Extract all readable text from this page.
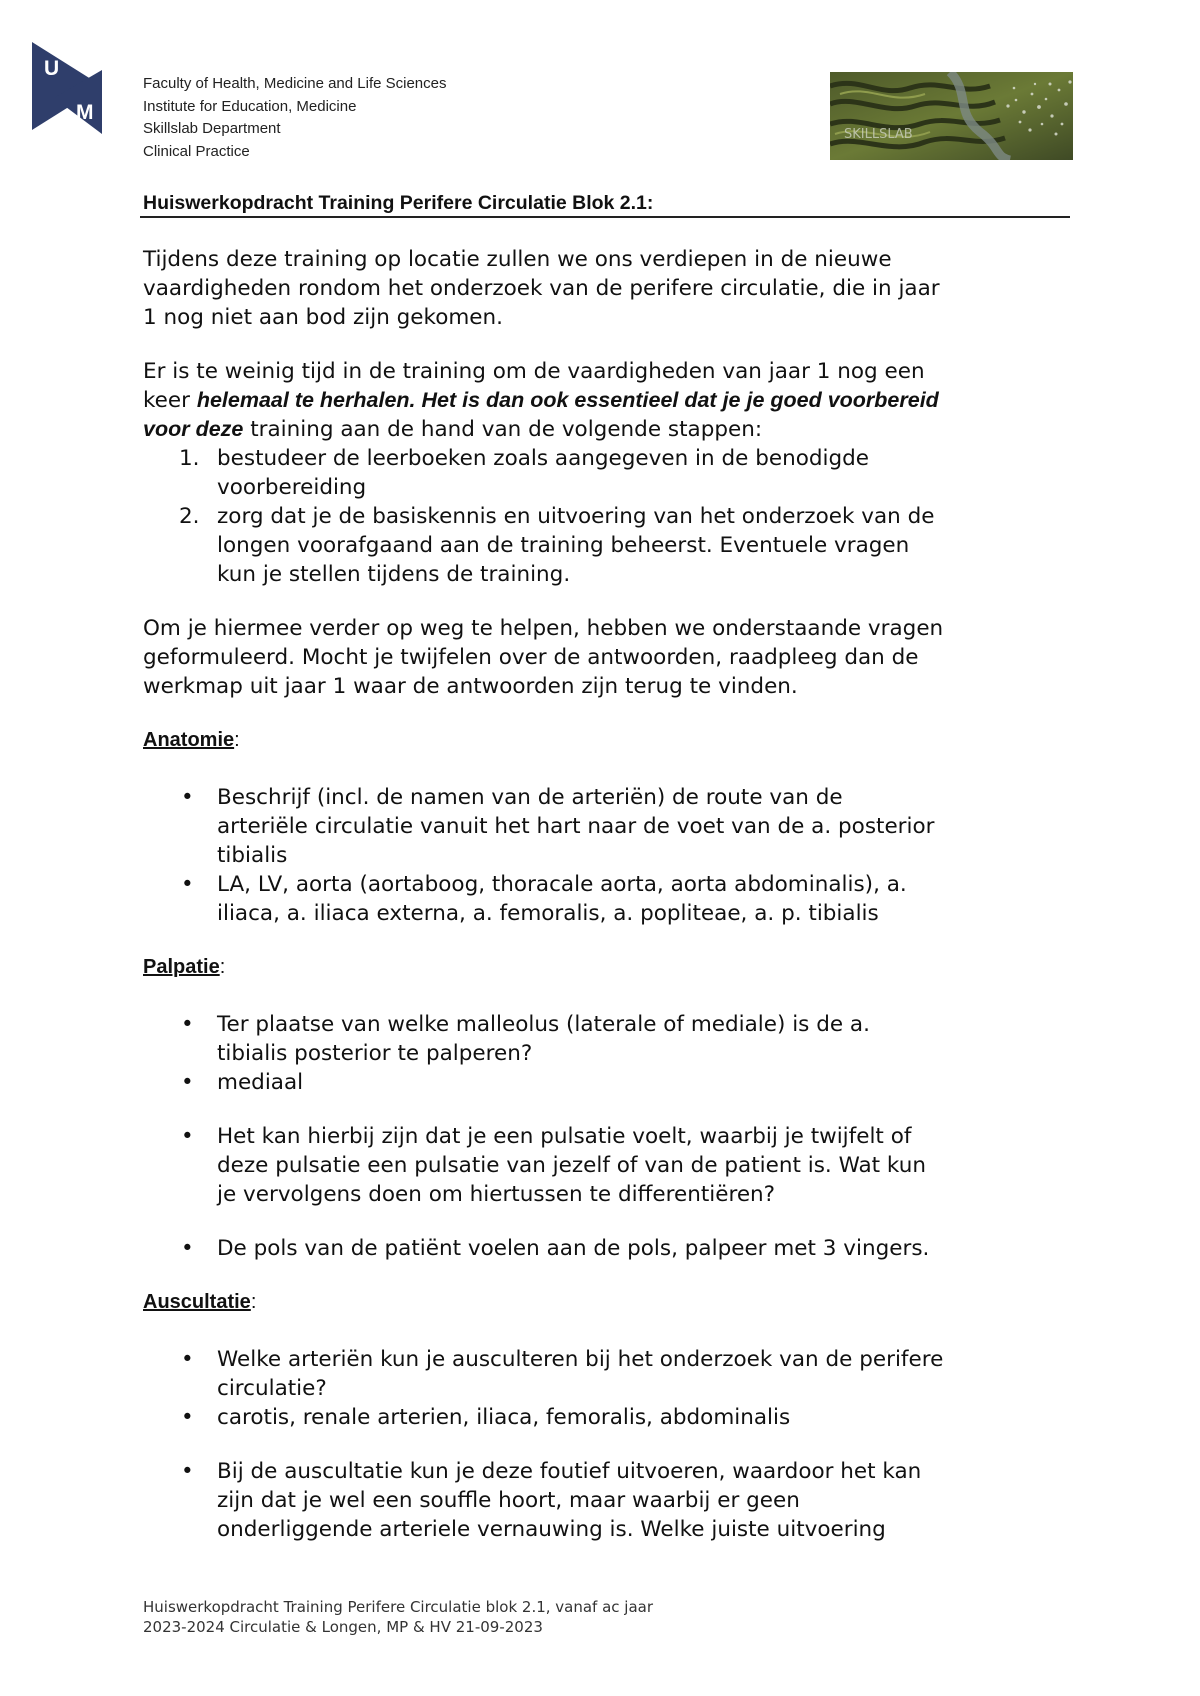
U
M
Faculty of Health, Medicine and Life Sciences
Institute for Education, Medicine
Skillslab Department
Clinical Practice
SKILLSLAB
Huiswerkopdracht Training Perifere Circulatie Blok 2.1:

Tijdens deze training op locatie zullen we ons verdiepen in de nieuwe
vaardigheden rondom het onderzoek van de perifere circulatie, die in jaar
1 nog niet aan bod zijn gekomen.

Er is te weinig tijd in de training om de vaardigheden van jaar 1 nog een
keer helemaal te herhalen. Het is dan ook essentieel dat je je goed voorbereid
voor deze training aan de hand van de volgende stappen:

1. bestudeer de leerboeken zoals aangegeven in de benodigde
voorbereiding
2. zorg dat je de basiskennis en uitvoering van het onderzoek van de
longen voorafgaand aan de training beheerst. Eventuele vragen
kun je stellen tijdens de training.

Om je hiermee verder op weg te helpen, hebben we onderstaande vragen
geformuleerd. Mocht je twijfelen over de antwoorden, raadpleeg dan de
werkmap uit jaar 1 waar de antwoorden zijn terug te vinden.

Anatomie:
• Beschrijf (incl. de namen van de arteriën) de route van de
arteriële circulatie vanuit het hart naar de voet van de a. posterior
tibialis
• LA, LV, aorta (aortaboog, thoracale aorta, aorta abdominalis), a.
iliaca, a. iliaca externa, a. femoralis, a. popliteae, a. p. tibialis
Palpatie:
• Ter plaatse van welke malleolus (laterale of mediale) is de a.
tibialis posterior te palperen?
• mediaal
• Het kan hierbij zijn dat je een pulsatie voelt, waarbij je twijfelt of
deze pulsatie een pulsatie van jezelf of van de patient is. Wat kun
je vervolgens doen om hiertussen te differentiëren?
• De pols van de patiënt voelen aan de pols, palpeer met 3 vingers.
Auscultatie:
• Welke arteriën kun je ausculteren bij het onderzoek van de perifere
circulatie?
• carotis, renale arterien, iliaca, femoralis, abdominalis
• Bij de auscultatie kun je deze foutief uitvoeren, waardoor het kan
zijn dat je wel een souffle hoort, maar waarbij er geen
onderliggende arteriele vernauwing is. Welke juiste uitvoering
Huiswerkopdracht Training Perifere Circulatie blok 2.1, vanaf ac jaar
2023-2024 Circulatie & Longen, MP & HV 21-09-2023
